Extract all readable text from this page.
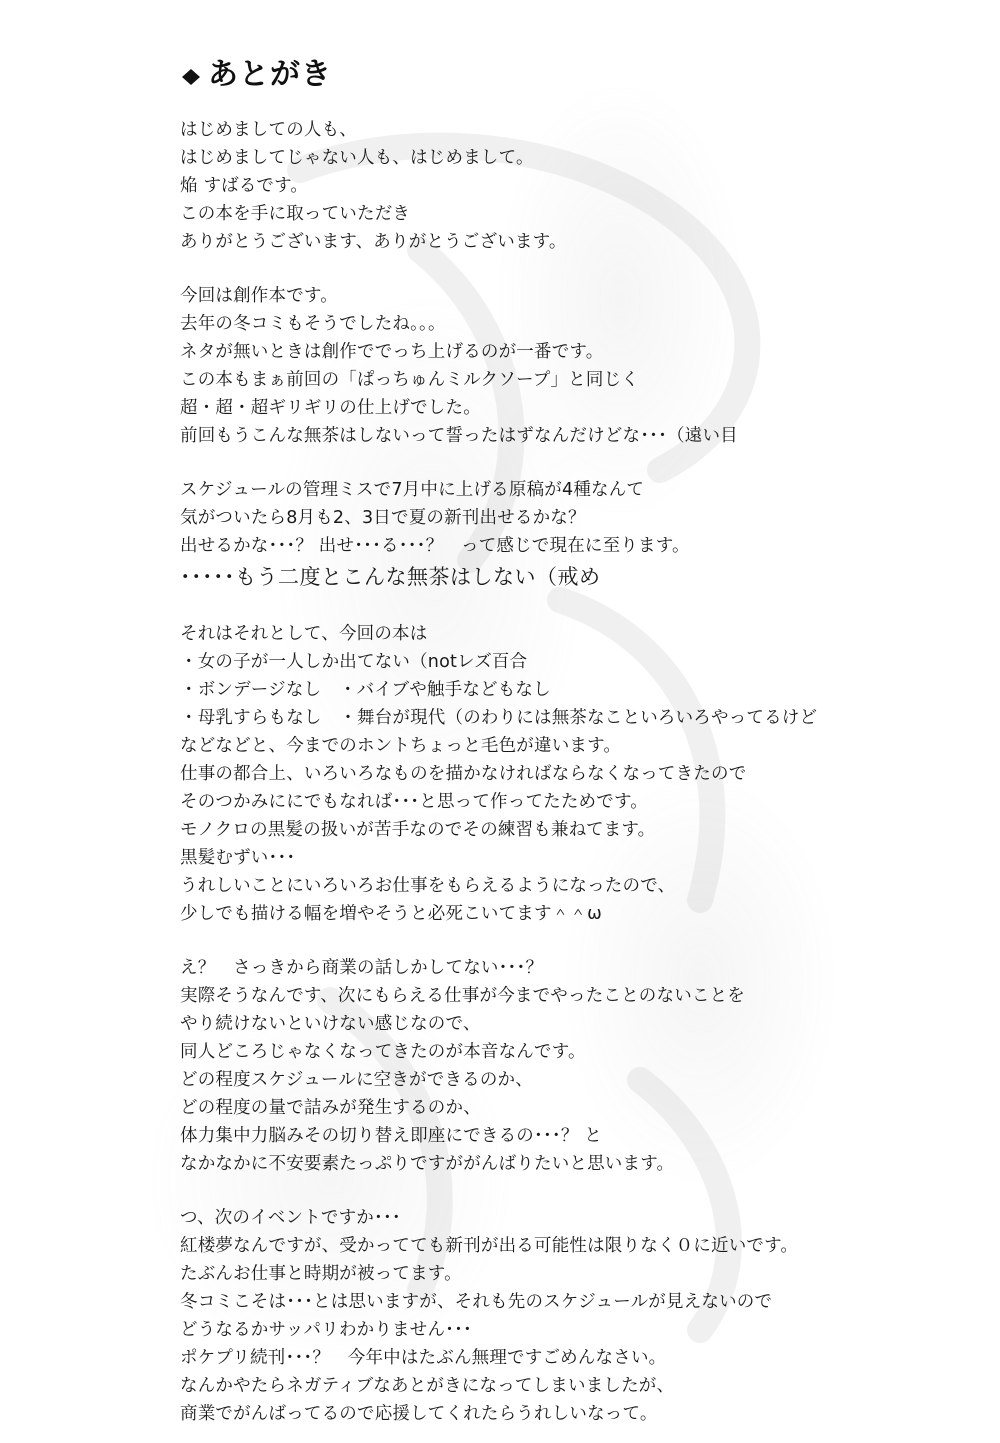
あとがき
はじめましての人も、
はじめましてじゃない人も、はじめまして。
焔 すばるです。
この本を手に取っていただき
ありがとうございます、ありがとうございます。
今回は創作本です。
去年の冬コミもそうでしたね。。。
ネタが無いときは創作ででっち上げるのが一番です。
この本もまぁ前回の「ぱっちゅんミルクソープ」と同じく
超・超・超ギリギリの仕上げでした。
前回もうこんな無茶はしないって誓ったはずなんだけどな･･･（遠い目
スケジュールの管理ミスで7月中に上げる原稿が4種なんて
気がついたら8月も2、3日で夏の新刊出せるかな？
出せるかな･･･？ 出せ･･･る･･･？　って感じで現在に至ります。
･････もう二度とこんな無茶はしない（戒め
それはそれとして、今回の本は
・女の子が一人しか出てない（notレズ百合
・ボンデージなし　・バイブや触手などもなし
・母乳すらもなし　・舞台が現代（のわりには無茶なこといろいろやってるけど
などなどと、今までのホントちょっと毛色が違います。
仕事の都合上、いろいろなものを描かなければならなくなってきたので
そのつかみににでもなれば･･･と思って作ってたためです。
モノクロの黒髪の扱いが苦手なのでその練習も兼ねてます。
黒髪むずい･･･
うれしいことにいろいろお仕事をもらえるようになったので、
少しでも描ける幅を増やそうと必死こいてます＾＾ω
え？　さっきから商業の話しかしてない･･･？
実際そうなんです、次にもらえる仕事が今までやったことのないことを
やり続けないといけない感じなので、
同人どころじゃなくなってきたのが本音なんです。
どの程度スケジュールに空きができるのか、
どの程度の量で詰みが発生するのか、
体力集中力脳みその切り替え即座にできるの･･･？ と
なかなかに不安要素たっぷりですががんばりたいと思います。
つ、次のイベントですか･･･
紅楼夢なんですが、受かってても新刊が出る可能性は限りなく０に近いです。
たぶんお仕事と時期が被ってます。
冬コミこそは･･･とは思いますが、それも先のスケジュールが見えないので
どうなるかサッパリわかりません･･･
ポケプリ続刊･･･？　今年中はたぶん無理ですごめんなさい。
なんかやたらネガティブなあとがきになってしまいましたが、
商業でがんばってるので応援してくれたらうれしいなって。
